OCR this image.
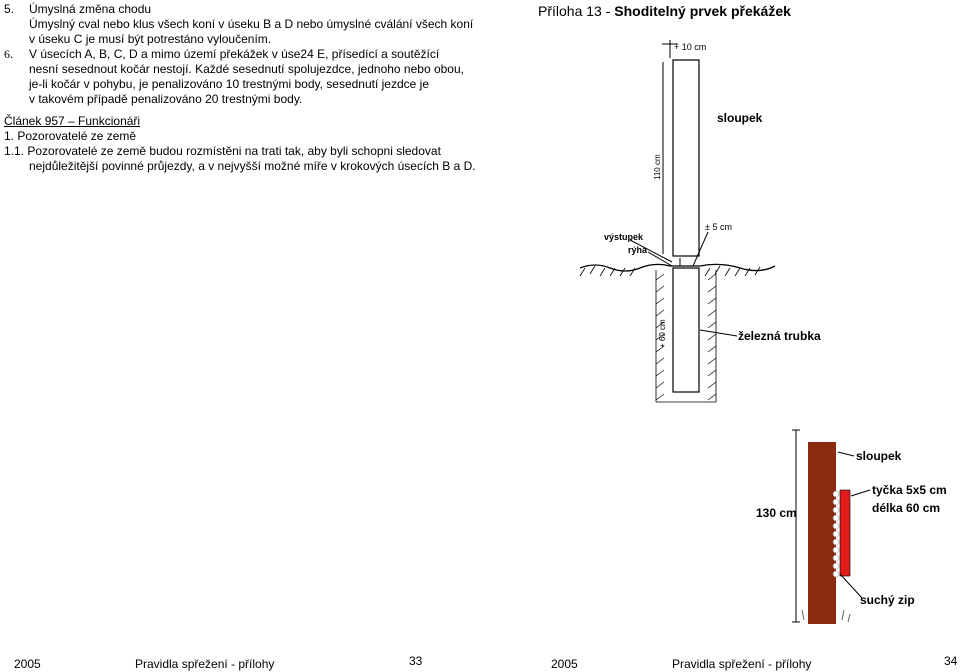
5. Úmyslná změna chodu
Úmyslný cval nebo klus všech koní v úseku B a D nebo úmyslné cválání všech koní
v úseku C je musí být potrestáno vyloučením.
6. V úsecích A, B, C, D a mimo území překážek v úse24 E, přísedící a soutěžící
nesní sesednout kočár nestojí. Každé sesednutí spolujezdce, jednoho nebo obou,
je-li kočár v pohybu, je penalizováno 10 trestnými body, sesednutí jezdce je
v takovém případě penalizováno 20 trestnými body.
Článek 957 – Funkcionáři
1. Pozorovatelé ze země
1.1. Pozorovatelé ze země budou rozmístěni na trati tak, aby byli schopni sledovat
nejdůležitější povinné průjezdy, a v nejvyšší možné míře v krokových úsecích B a D.
Příloha 13 - Shoditelný prvek překážek
+ 10 cm
110 cm
sloupek
výstupek
rýha
± 5 cm
+ 60 cm	železná trubka
130 cm
sloupek
tyčka 5x5 cm
délka 60 cm
suchý zip
2005	Pravidla spřežení - přílohy	33	2005	Pravidla spřežení - přílohy	34
